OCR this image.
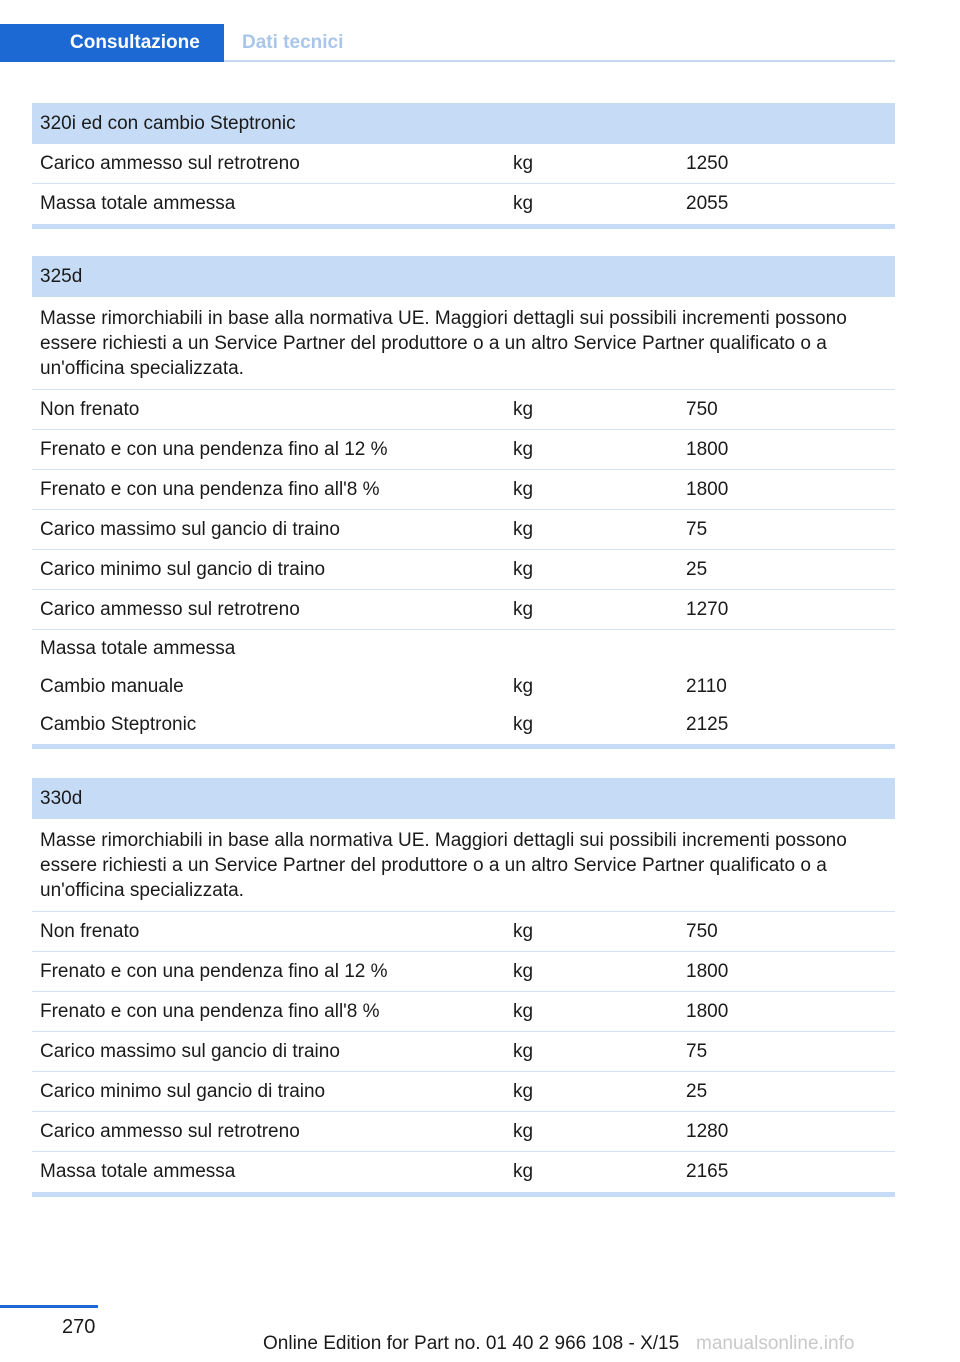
Consultazione	Dati tecnici
320i ed con cambio Steptronic
Carico ammesso sul retrotreno	kg	1250
Massa totale ammessa	kg	2055
325d
Masse rimorchiabili in base alla normativa UE. Maggiori dettagli sui possibili incrementi possono essere richiesti a un Service Partner del produttore o a un altro Service Partner qualificato o a un'officina specializzata.
Non frenato	kg	750
Frenato e con una pendenza fino al 12 %	kg	1800
Frenato e con una pendenza fino all'8 %	kg	1800
Carico massimo sul gancio di traino	kg	75
Carico minimo sul gancio di traino	kg	25
Carico ammesso sul retrotreno	kg	1270
Massa totale ammessa
Cambio manuale	kg	2110
Cambio Steptronic	kg	2125
330d
Masse rimorchiabili in base alla normativa UE. Maggiori dettagli sui possibili incrementi possono essere richiesti a un Service Partner del produttore o a un altro Service Partner qualificato o a un'officina specializzata.
Non frenato	kg	750
Frenato e con una pendenza fino al 12 %	kg	1800
Frenato e con una pendenza fino all'8 %	kg	1800
Carico massimo sul gancio di traino	kg	75
Carico minimo sul gancio di traino	kg	25
Carico ammesso sul retrotreno	kg	1280
Massa totale ammessa	kg	2165
270
Online Edition for Part no. 01 40 2 966 108 - X/15 manualsonline.info
